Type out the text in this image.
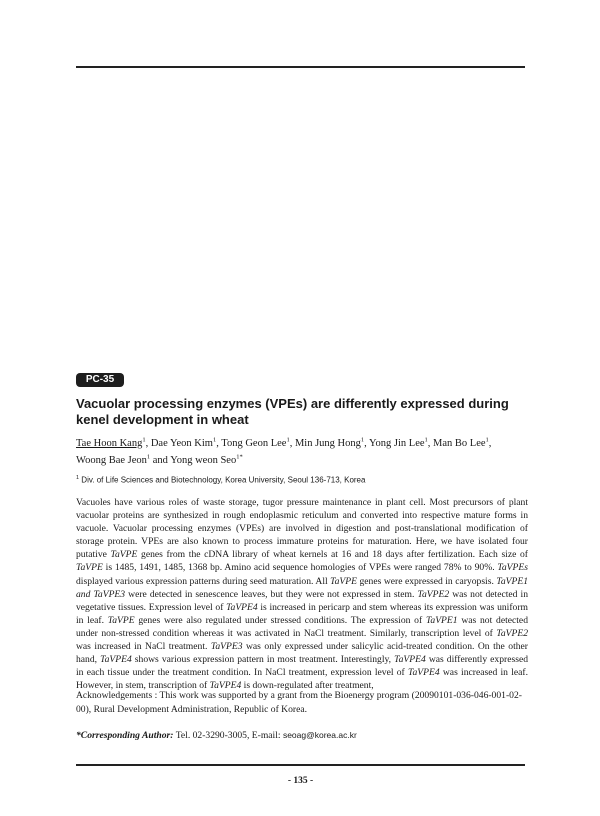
PC-35
Vacuolar processing enzymes (VPEs) are differently expressed during kenel development in wheat
Tae Hoon Kang$^1$, Dae Yeon Kim$^1$, Tong Geon Lee$^1$, Min Jung Hong$^1$, Yong Jin Lee$^1$, Man Bo Lee$^1$, Woong Bae Jeon$^1$ and Yong weon Seo$^{1*}$
$^1$ Div. of Life Sciences and Biotechnology, Korea University, Seoul 136-713, Korea

Vacuoles have various roles of waste storage, tugor pressure maintenance in plant cell. Most precursors of plant vacuolar proteins are synthesized in rough endoplasmic reticulum and converted into respective mature forms in vacuole. Vacuolar processing enzymes (VPEs) are involved in digestion and post-translational modification of storage protein. VPEs are also known to process immature proteins for maturation. Here, we have isolated four putative TaVPE genes from the cDNA library of wheat kernels at 16 and 18 days after fertilization. Each size of TaVPE is 1485, 1491, 1485, 1368 bp. Amino acid sequence homologies of VPEs were ranged 78% to 90%. TaVPEs displayed various expression patterns during seed maturation. All TaVPE genes were expressed in caryopsis. TaVPE1 and TaVPE3 were detected in senescence leaves, but they were not expressed in stem. TaVPE2 was not detected in vegetative tissues. Expression level of TaVPE4 is increased in pericarp and stem whereas its expression was uniform in leaf. TaVPE genes were also regulated under stressed conditions. The expression of TaVPE1 was not detected under non-stressed condition whereas it was activated in NaCl treatment. Similarly, transcription level of TaVPE2 was increased in NaCl treatment. TaVPE3 was only expressed under salicylic acid-treated condition. On the other hand, TaVPE4 shows various expression pattern in most treatment. Interestingly, TaVPE4 was differently expressed in each tissue under the treatment condition. In NaCl treatment, expression level of TaVPE4 was increased in leaf. However, in stem, transcription of TaVPE4 is down-regulated after treatment,

Acknowledgements : This work was supported by a grant from the Bioenergy program (20090101-036-046-001-02-00), Rural Development Administration, Republic of Korea.

*Corresponding Author: Tel. 02-3290-3005, E-mail: seoag@korea.ac.kr

- 135 -
